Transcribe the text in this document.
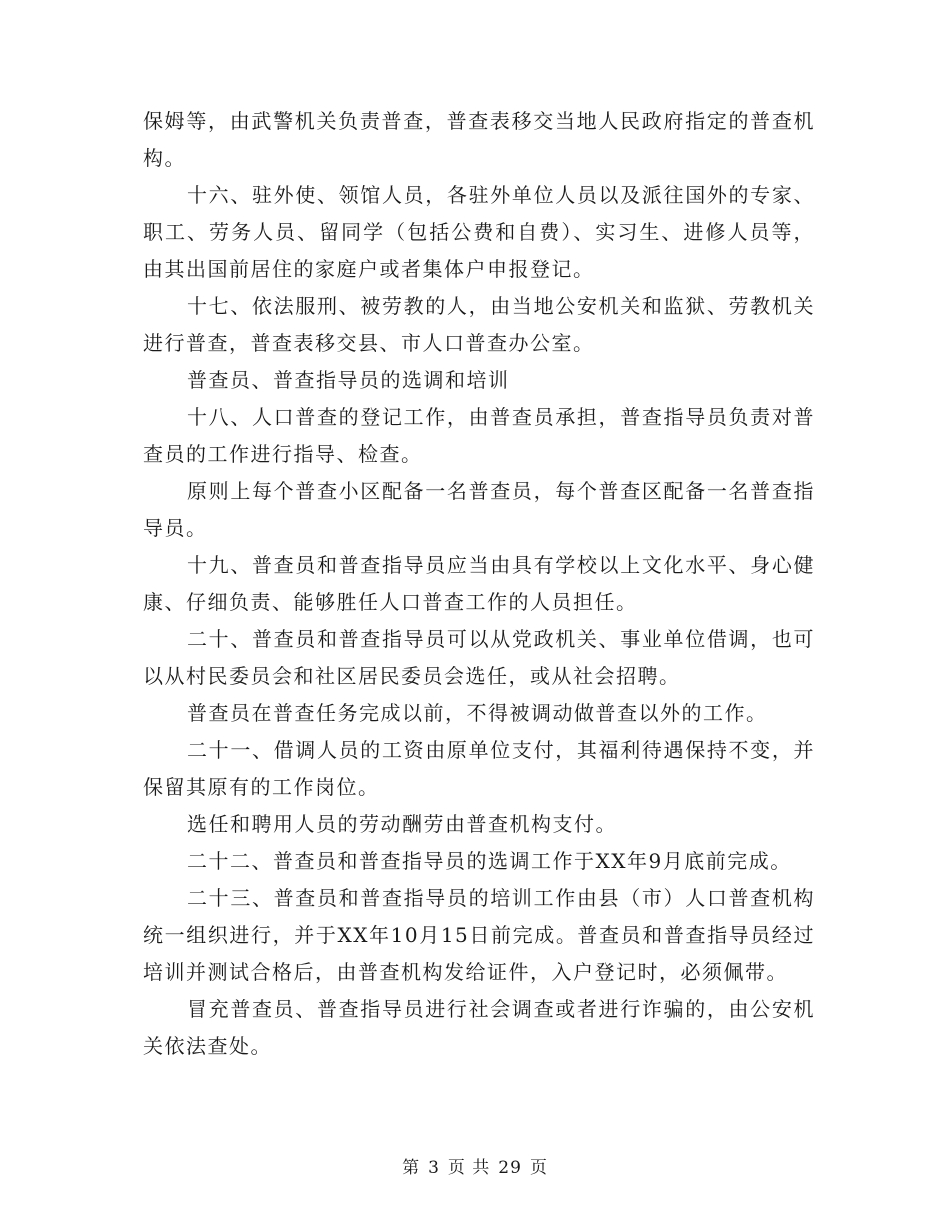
保姆等，由武警机关负责普查，普查表移交当地人民政府指定的普查机构。

十六、驻外使、领馆人员，各驻外单位人员以及派往国外的专家、职工、劳务人员、留同学（包括公费和自费）、实习生、进修人员等，由其出国前居住的家庭户或者集体户申报登记。

十七、依法服刑、被劳教的人，由当地公安机关和监狱、劳教机关进行普查，普查表移交县、市人口普查办公室。

普查员、普查指导员的选调和培训

十八、人口普查的登记工作，由普查员承担，普查指导员负责对普查员的工作进行指导、检查。

原则上每个普查小区配备一名普查员，每个普查区配备一名普查指导员。

十九、普查员和普查指导员应当由具有学校以上文化水平、身心健康、仔细负责、能够胜任人口普查工作的人员担任。

二十、普查员和普查指导员可以从党政机关、事业单位借调，也可以从村民委员会和社区居民委员会选任，或从社会招聘。

普查员在普查任务完成以前，不得被调动做普查以外的工作。

二十一、借调人员的工资由原单位支付，其福利待遇保持不变，并保留其原有的工作岗位。

选任和聘用人员的劳动酬劳由普查机构支付。

二十二、普查员和普查指导员的选调工作于XX年9月底前完成。

二十三、普查员和普查指导员的培训工作由县（市）人口普查机构统一组织进行，并于XX年10月15日前完成。普查员和普查指导员经过培训并测试合格后，由普查机构发给证件，入户登记时，必须佩带。

冒充普查员、普查指导员进行社会调查或者进行诈骗的，由公安机关依法查处。

第 3 页 共 29 页
